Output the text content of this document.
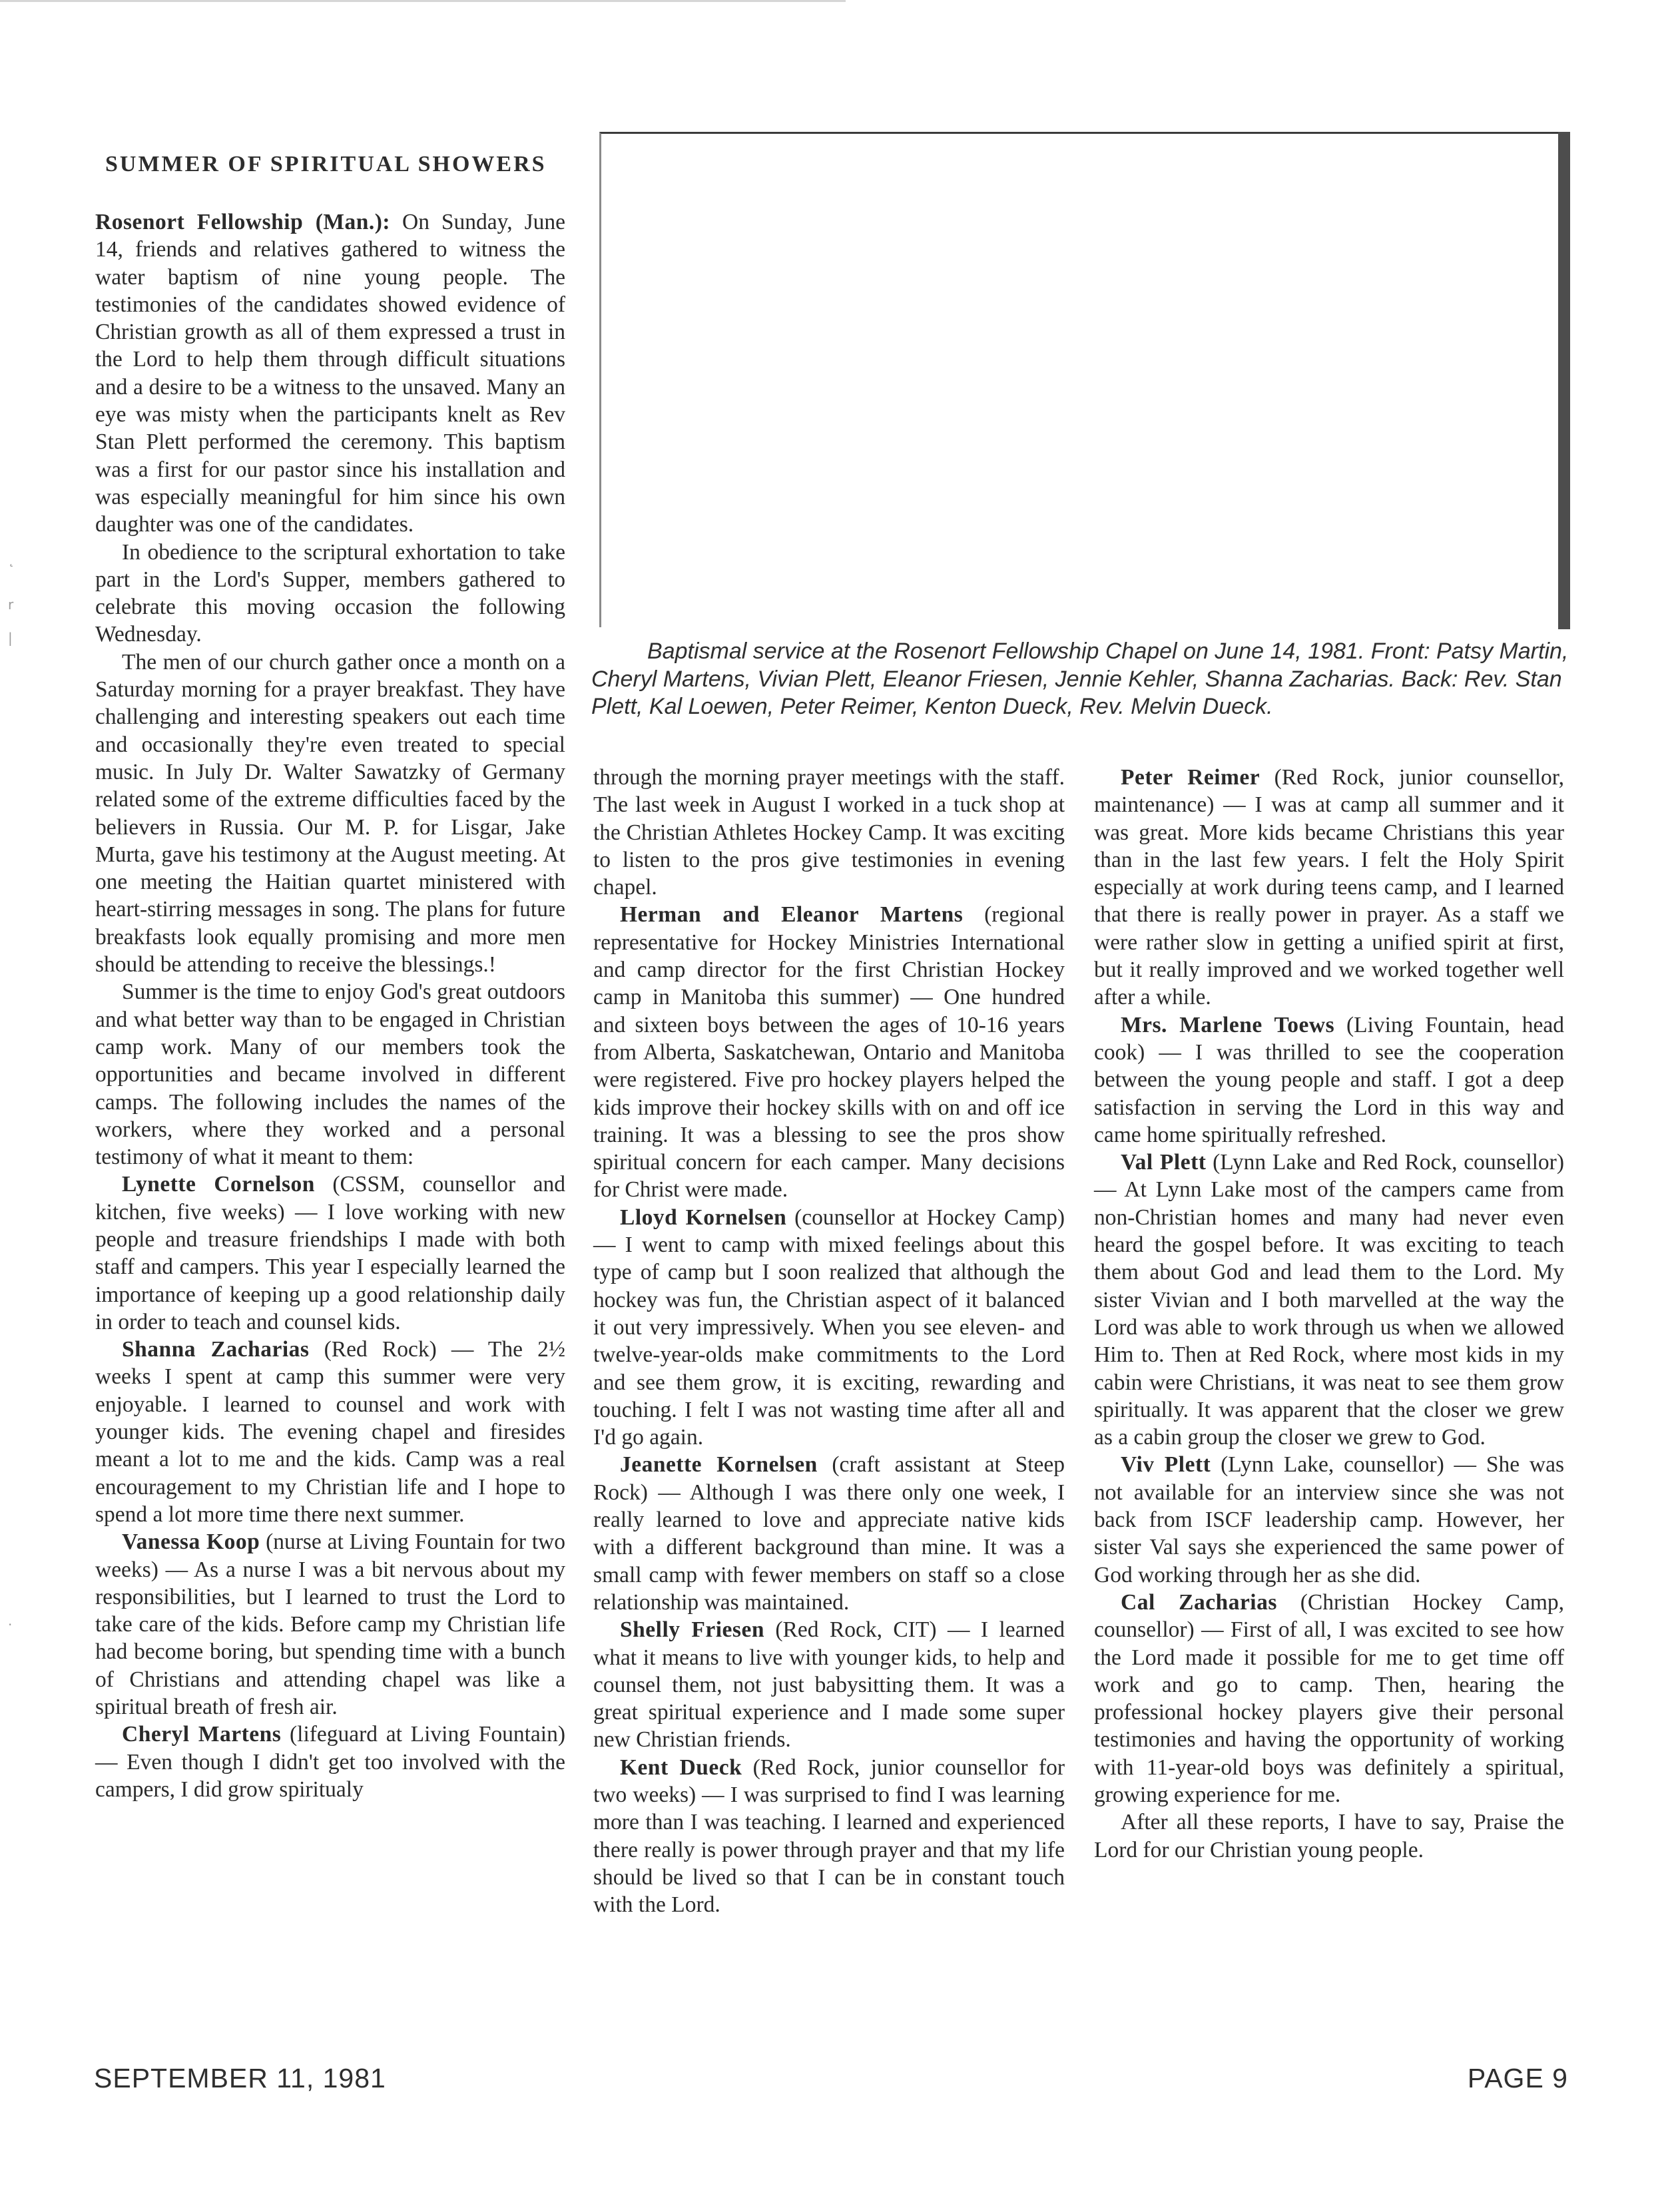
˛
r
|
·
SUMMER OF SPIRITUAL SHOWERS
Baptismal service at the Rosenort Fellowship Chapel on June 14, 1981. Front: Patsy Martin, Cheryl Martens, Vivian Plett, Eleanor Friesen, Jennie Kehler, Shanna Zacharias. Back: Rev. Stan Plett, Kal Loewen, Peter Reimer, Kenton Dueck, Rev. Melvin Dueck.

Rosenort Fellowship (Man.): On Sunday, June 14, friends and relatives gathered to witness the water baptism of nine young people. The testimonies of the candidates showed evidence of Christian growth as all of them expressed a trust in the Lord to help them through difficult situations and a desire to be a witness to the unsaved. Many an eye was misty when the participants knelt as Rev Stan Plett performed the ceremony. This baptism was a first for our pastor since his installation and was especially meaningful for him since his own daughter was one of the candidates.

In obedience to the scriptural exhortation to take part in the Lord's Supper, members gathered to celebrate this moving occasion the following Wednesday.

The men of our church gather once a month on a Saturday morning for a prayer breakfast. They have challenging and interesting speakers out each time and occasionally they're even treated to special music. In July Dr. Walter Sawatzky of Germany related some of the extreme difficulties faced by the believers in Russia. Our M. P. for Lisgar, Jake Murta, gave his testimony at the August meeting. At one meeting the Haitian quartet ministered with heart-stirring messages in song. The plans for future breakfasts look equally promising and more men should be attending to receive the blessings.!

Summer is the time to enjoy God's great outdoors and what better way than to be engaged in Christian camp work. Many of our members took the opportunities and became involved in different camps. The following includes the names of the workers, where they worked and a personal testimony of what it meant to them:

Lynette Cornelson (CSSM, counsellor and kitchen, five weeks) — I love working with new people and treasure friendships I made with both staff and campers. This year I especially learned the importance of keeping up a good relationship daily in order to teach and counsel kids.

Shanna Zacharias (Red Rock) — The 2½ weeks I spent at camp this summer were very enjoyable. I learned to counsel and work with younger kids. The evening chapel and firesides meant a lot to me and the kids. Camp was a real encouragement to my Christian life and I hope to spend a lot more time there next summer.

Vanessa Koop (nurse at Living Fountain for two weeks) — As a nurse I was a bit nervous about my responsibilities, but I learned to trust the Lord to take care of the kids. Before camp my Christian life had become boring, but spending time with a bunch of Christians and attending chapel was like a spiritual breath of fresh air.

Cheryl Martens (lifeguard at Living Fountain) — Even though I didn't get too involved with the campers, I did grow spiritualy

through the morning prayer meetings with the staff. The last week in August I worked in a tuck shop at the Christian Athletes Hockey Camp. It was exciting to listen to the pros give testimonies in evening chapel.

Herman and Eleanor Martens (regional representative for Hockey Ministries International and camp director for the first Christian Hockey camp in Manitoba this summer) — One hundred and sixteen boys between the ages of 10-16 years from Alberta, Saskatchewan, Ontario and Manitoba were registered. Five pro hockey players helped the kids improve their hockey skills with on and off ice training. It was a blessing to see the pros show spiritual concern for each camper. Many decisions for Christ were made.

Lloyd Kornelsen (counsellor at Hockey Camp) — I went to camp with mixed feelings about this type of camp but I soon realized that although the hockey was fun, the Christian aspect of it balanced it out very impressively. When you see eleven- and twelve-year-olds make commitments to the Lord and see them grow, it is exciting, rewarding and touching. I felt I was not wasting time after all and I'd go again.

Jeanette Kornelsen (craft assistant at Steep Rock) — Although I was there only one week, I really learned to love and appreciate native kids with a different background than mine. It was a small camp with fewer members on staff so a close relationship was maintained.

Shelly Friesen (Red Rock, CIT) — I learned what it means to live with younger kids, to help and counsel them, not just babysitting them. It was a great spiritual experience and I made some super new Christian friends.

Kent Dueck (Red Rock, junior counsellor for two weeks) — I was surprised to find I was learning more than I was teaching. I learned and experienced there really is power through prayer and that my life should be lived so that I can be in constant touch with the Lord.

Peter Reimer (Red Rock, junior counsellor, maintenance) — I was at camp all summer and it was great. More kids became Christians this year than in the last few years. I felt the Holy Spirit especially at work during teens camp, and I learned that there is really power in prayer. As a staff we were rather slow in getting a unified spirit at first, but it really improved and we worked together well after a while.

Mrs. Marlene Toews (Living Fountain, head cook) — I was thrilled to see the cooperation between the young people and staff. I got a deep satisfaction in serving the Lord in this way and came home spiritually refreshed.

Val Plett (Lynn Lake and Red Rock, counsellor) — At Lynn Lake most of the campers came from non-Christian homes and many had never even heard the gospel before. It was exciting to teach them about God and lead them to the Lord. My sister Vivian and I both marvelled at the way the Lord was able to work through us when we allowed Him to. Then at Red Rock, where most kids in my cabin were Christians, it was neat to see them grow spiritually. It was apparent that the closer we grew as a cabin group the closer we grew to God.

Viv Plett (Lynn Lake, counsellor) — She was not available for an interview since she was not back from ISCF leadership camp. However, her sister Val says she experienced the same power of God working through her as she did.

Cal Zacharias (Christian Hockey Camp, counsellor) — First of all, I was excited to see how the Lord made it possible for me to get time off work and go to camp. Then, hearing the professional hockey players give their personal testimonies and having the opportunity of working with 11-year-old boys was definitely a spiritual, growing experience for me.

After all these reports, I have to say, Praise the Lord for our Christian young people.

SEPTEMBER 11, 1981	PAGE 9
